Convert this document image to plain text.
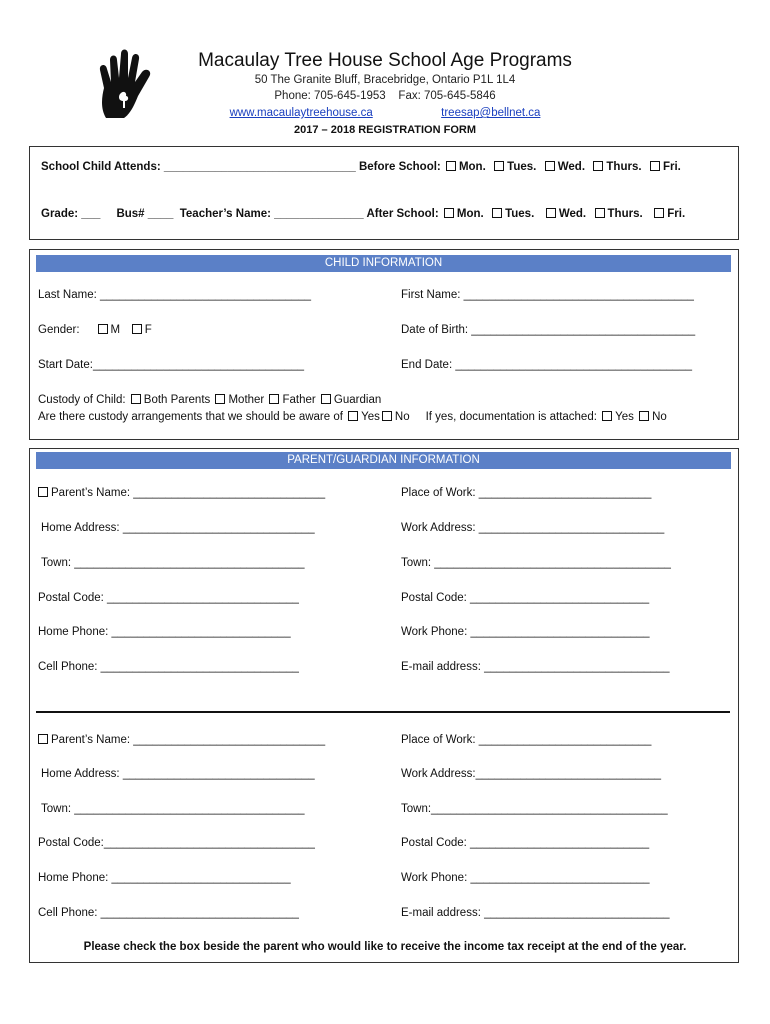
Macaulay Tree House School Age Programs
50 The Granite Bluff, Bracebridge, Ontario P1L 1L4
Phone: 705-645-1953    Fax: 705-645-5846
www.macaulaytreehouse.ca	treesap@bellnet.ca
2017 – 2018 REGISTRATION FORM
School Child Attends: ______________________________ Before School: Mon. Tues. Wed. Thurs. Fri.
Grade: ___ Bus# ____ Teacher’s Name: ______________ After School: Mon. Tues. Wed. Thurs. Fri.
CHILD INFORMATION
Last Name: _________________________________	First Name: ____________________________________
Gender:	M F	Date of Birth: ___________________________________
Start Date:_________________________________	End Date: _____________________________________
Custody of Child: Both Parents Mother Father Guardian
Are there custody arrangements that we should be aware of Yes No If yes, documentation is attached: Yes No
PARENT/GUARDIAN INFORMATION
Parent’s Name: ______________________________	Place of Work: ___________________________
Home Address: ______________________________	Work Address: _____________________________
Town: ____________________________________	Town: _____________________________________
Postal Code: ______________________________	Postal Code: ____________________________
Home Phone: ____________________________	Work Phone: ____________________________
Cell Phone: _______________________________	E-mail address: _____________________________
Parent’s Name: ______________________________	Place of Work: ___________________________
Home Address: ______________________________	Work Address:_____________________________
Town: ____________________________________	Town:_____________________________________
Postal Code:_________________________________	Postal Code: ____________________________
Home Phone: ____________________________	Work Phone: ____________________________
Cell Phone: _______________________________	E-mail address: _____________________________
Please check the box beside the parent who would like to receive the income tax receipt at the end of the year.
